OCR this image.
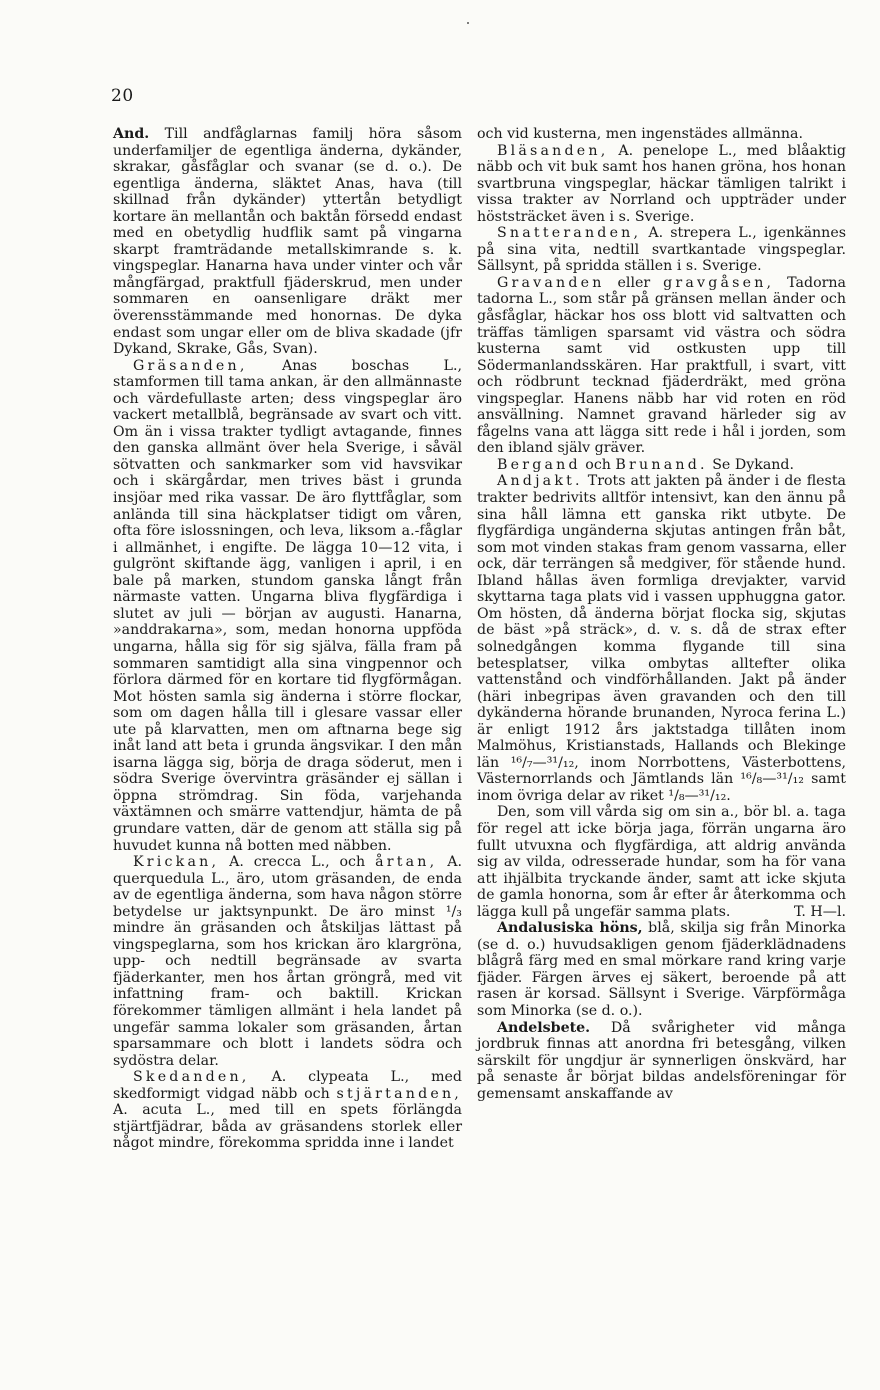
20

And. Till andfåglarnas familj höra såsom underfamiljer de egentliga änderna, dykänder, skrakar, gåsfåglar och svanar (se d. o.). De egentliga änderna, släktet Anas, hava (till skillnad från dykänder) yttertån betydligt kortare än mellantån och baktån försedd endast med en obetydlig hudflik samt på vingarna skarpt framträdande metallskimrande s. k. vingspeglar. Hanarna hava under vinter och vår mångfärgad, praktfull fjäderskrud, men under sommaren en oansenligare dräkt mer överensstämmande med honornas. De dyka endast som ungar eller om de bliva skadade (jfr Dykand, Skrake, Gås, Svan).

Gräsanden, Anas boschas L., stamformen till tama ankan, är den allmännaste och värdefullaste arten; dess vingspeglar äro vackert metallblå, begränsade av svart och vitt. Om än i vissa trakter tydligt avtagande, finnes den ganska allmänt över hela Sverige, i såväl sötvatten och sankmarker som vid havsvikar och i skärgårdar, men trives bäst i grunda insjöar med rika vassar. De äro flyttfåglar, som anlända till sina häckplatser tidigt om våren, ofta före islossningen, och leva, liksom a.-fåglar i allmänhet, i engifte. De lägga 10—12 vita, i gulgrönt skiftande ägg, vanligen i april, i en bale på marken, stundom ganska långt från närmaste vatten. Ungarna bliva flygfärdiga i slutet av juli — början av augusti. Hanarna, »anddrakarna», som, medan honorna uppföda ungarna, hålla sig för sig själva, fälla fram på sommaren samtidigt alla sina vingpennor och förlora därmed för en kortare tid flygförmågan. Mot hösten samla sig änderna i större flockar, som om dagen hålla till i glesare vassar eller ute på klarvatten, men om aftnarna bege sig inåt land att beta i grunda ängsvikar. I den mån isarna lägga sig, börja de draga söderut, men i södra Sverige övervintra gräsänder ej sällan i öppna strömdrag. Sin föda, varjehanda växtämnen och smärre vattendjur, hämta de på grundare vatten, där de genom att ställa sig på huvudet kunna nå botten med näbben.

Krickan, A. crecca L., och årtan, A. querquedula L., äro, utom gräsanden, de enda av de egentliga änderna, som hava någon större betydelse ur jaktsynpunkt. De äro minst ¹/₃ mindre än gräsanden och åtskiljas lättast på vingspeglarna, som hos krickan äro klargröna, upp- och nedtill begränsade av svarta fjäderkanter, men hos årtan gröngrå, med vit infattning fram- och baktill. Krickan förekommer tämligen allmänt i hela landet på ungefär samma lokaler som gräsanden, årtan sparsammare och blott i landets södra och sydöstra delar.

Skedanden, A. clypeata L., med skedformigt vidgad näbb och stjärtanden, A. acuta L., med till en spets förlängda stjärtfjädrar, båda av gräsandens storlek eller något mindre, förekomma spridda inne i landet

och vid kusterna, men ingenstädes allmänna.

Bläsanden, A. penelope L., med blåaktig näbb och vit buk samt hos hanen gröna, hos honan svartbruna vingspeglar, häckar tämligen talrikt i vissa trakter av Norrland och uppträder under höststräcket även i s. Sverige.

Snatteranden, A. strepera L., igenkännes på sina vita, nedtill svartkantade vingspeglar. Sällsynt, på spridda ställen i s. Sverige.

Gravanden eller gravgåsen, Tadorna tadorna L., som står på gränsen mellan änder och gåsfåglar, häckar hos oss blott vid saltvatten och träffas tämligen sparsamt vid västra och södra kusterna samt vid ostkusten upp till Södermanlandsskären. Har praktfull, i svart, vitt och rödbrunt tecknad fjäderdräkt, med gröna vingspeglar. Hanens näbb har vid roten en röd ansvällning. Namnet gravand härleder sig av fågelns vana att lägga sitt rede i hål i jorden, som den ibland själv gräver.

Bergand och Brunand. Se Dykand.

Andjakt. Trots att jakten på änder i de flesta trakter bedrivits alltför intensivt, kan den ännu på sina håll lämna ett ganska rikt utbyte. De flygfärdiga ungänderna skjutas antingen från båt, som mot vinden stakas fram genom vassarna, eller ock, där terrängen så medgiver, för stående hund. Ibland hållas även formliga drevjakter, varvid skyttarna taga plats vid i vassen upphuggna gator. Om hösten, då änderna börjat flocka sig, skjutas de bäst »på sträck», d. v. s. då de strax efter solnedgången komma flygande till sina betesplatser, vilka ombytas alltefter olika vattenstånd och vindförhållanden. Jakt på änder (häri inbegripas även gravanden och den till dykänderna hörande brunanden, Nyroca ferina L.) är enligt 1912 års jaktstadga tillåten inom Malmöhus, Kristianstads, Hallands och Blekinge län ¹⁶/₇—³¹/₁₂, inom Norrbottens, Västerbottens, Västernorrlands och Jämtlands län ¹⁶/₈—³¹/₁₂ samt inom övriga delar av riket ¹/₈—³¹/₁₂.

Den, som vill vårda sig om sin a., bör bl. a. taga för regel att icke börja jaga, förrän ungarna äro fullt utvuxna och flygfärdiga, att aldrig använda sig av vilda, odresserade hundar, som ha för vana att ihjälbita tryckande änder, samt att icke skjuta de gamla honorna, som år efter år återkomma och lägga kull på ungefär samma plats.	T. H—l.

Andalusiska höns, blå, skilja sig från Minorka (se d. o.) huvudsakligen genom fjäderklädnadens blågrå färg med en smal mörkare rand kring varje fjäder. Färgen ärves ej säkert, beroende på att rasen är korsad. Sällsynt i Sverige. Värpförmåga som Minorka (se d. o.).

Andelsbete. Då svårigheter vid många jordbruk finnas att anordna fri betesgång, vilken särskilt för ungdjur är synnerligen önskvärd, har på senaste år börjat bildas andelsföreningar för gemensamt anskaffande av
